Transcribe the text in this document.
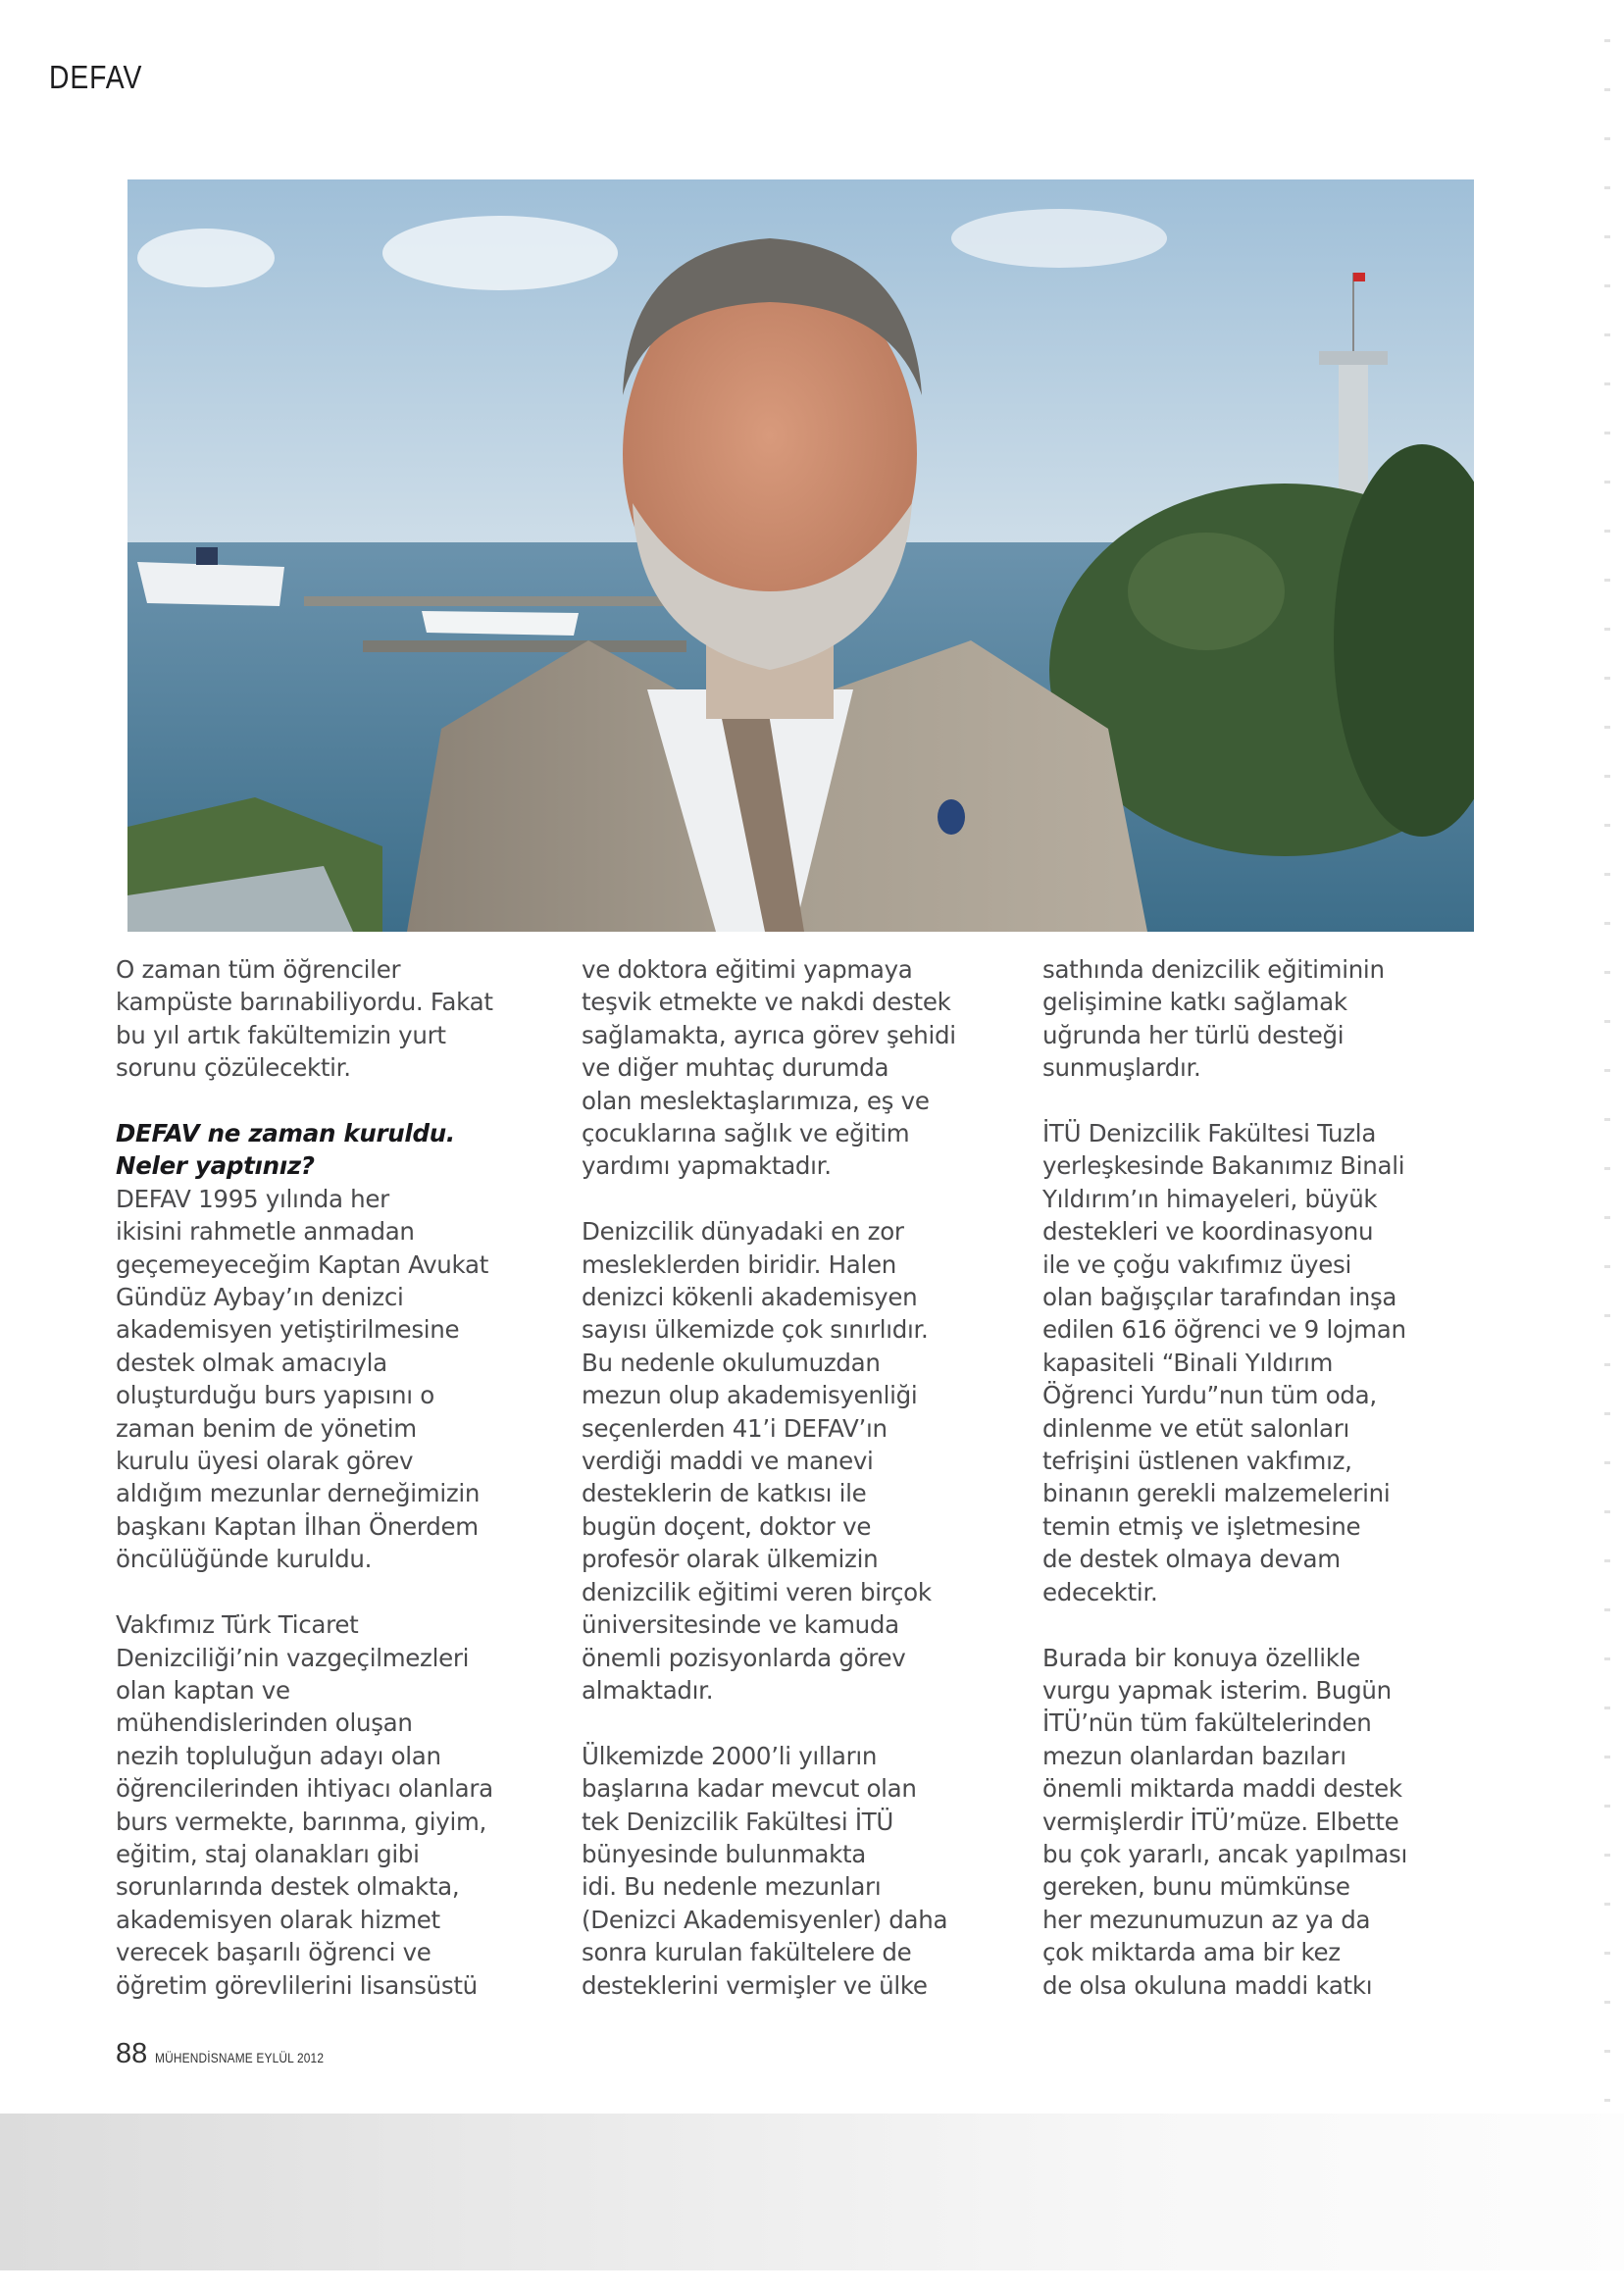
DEFAV

O zaman tüm öğrenciler
kampüste barınabiliyordu. Fakat
bu yıl artık fakültemizin yurt
sorunu çözülecektir.

DEFAV ne zaman kuruldu.
Neler yaptınız?
DEFAV 1995 yılında her
ikisini rahmetle anmadan
geçemeyeceğim Kaptan Avukat
Gündüz Aybay’ın denizci
akademisyen yetiştirilmesine
destek olmak amacıyla
oluşturduğu burs yapısını o
zaman benim de yönetim
kurulu üyesi olarak görev
aldığım mezunlar derneğimizin
başkanı Kaptan İlhan Önerdem
öncülüğünde kuruldu.

Vakfımız Türk Ticaret
Denizciliği’nin vazgeçilmezleri
olan kaptan ve
mühendislerinden oluşan
nezih topluluğun adayı olan
öğrencilerinden ihtiyacı olanlara
burs vermekte, barınma, giyim,
eğitim, staj olanakları gibi
sorunlarında destek olmakta,
akademisyen olarak hizmet
verecek başarılı öğrenci ve
öğretim görevlilerini lisansüstü

ve doktora eğitimi yapmaya
teşvik etmekte ve nakdi destek
sağlamakta, ayrıca görev şehidi
ve diğer muhtaç durumda
olan meslektaşlarımıza, eş ve
çocuklarına sağlık ve eğitim
yardımı yapmaktadır.

Denizcilik dünyadaki en zor
mesleklerden biridir. Halen
denizci kökenli akademisyen
sayısı ülkemizde çok sınırlıdır.
Bu nedenle okulumuzdan
mezun olup akademisyenliği
seçenlerden 41’i DEFAV’ın
verdiği maddi ve manevi
desteklerin de katkısı ile
bugün doçent, doktor ve
profesör olarak ülkemizin
denizcilik eğitimi veren birçok
üniversitesinde ve kamuda
önemli pozisyonlarda görev
almaktadır.

Ülkemizde 2000’li yılların
başlarına kadar mevcut olan
tek Denizcilik Fakültesi İTÜ
bünyesinde bulunmakta
idi. Bu nedenle mezunları
(Denizci Akademisyenler) daha
sonra kurulan fakültelere de
desteklerini vermişler ve ülke

sathında denizcilik eğitiminin
gelişimine katkı sağlamak
uğrunda her türlü desteği
sunmuşlardır.

İTÜ Denizcilik Fakültesi Tuzla
yerleşkesinde Bakanımız Binali
Yıldırım’ın himayeleri, büyük
destekleri ve koordinasyonu
ile ve çoğu vakıfımız üyesi
olan bağışçılar tarafından inşa
edilen 616 öğrenci ve 9 lojman
kapasiteli “Binali Yıldırım
Öğrenci Yurdu”nun tüm oda,
dinlenme ve etüt salonları
tefrişini üstlenen vakfımız,
binanın gerekli malzemelerini
temin etmiş ve işletmesine
de destek olmaya devam
edecektir.

Burada bir konuya özellikle
vurgu yapmak isterim. Bugün
İTÜ’nün tüm fakültelerinden
mezun olanlardan bazıları
önemli miktarda maddi destek
vermişlerdir İTÜ’müze. Elbette
bu çok yararlı, ancak yapılması
gereken, bunu mümkünse
her mezunumuzun az ya da
çok miktarda ama bir kez
de olsa okuluna maddi katkı

88 MÜHENDİSNAME EYLÜL 2012
